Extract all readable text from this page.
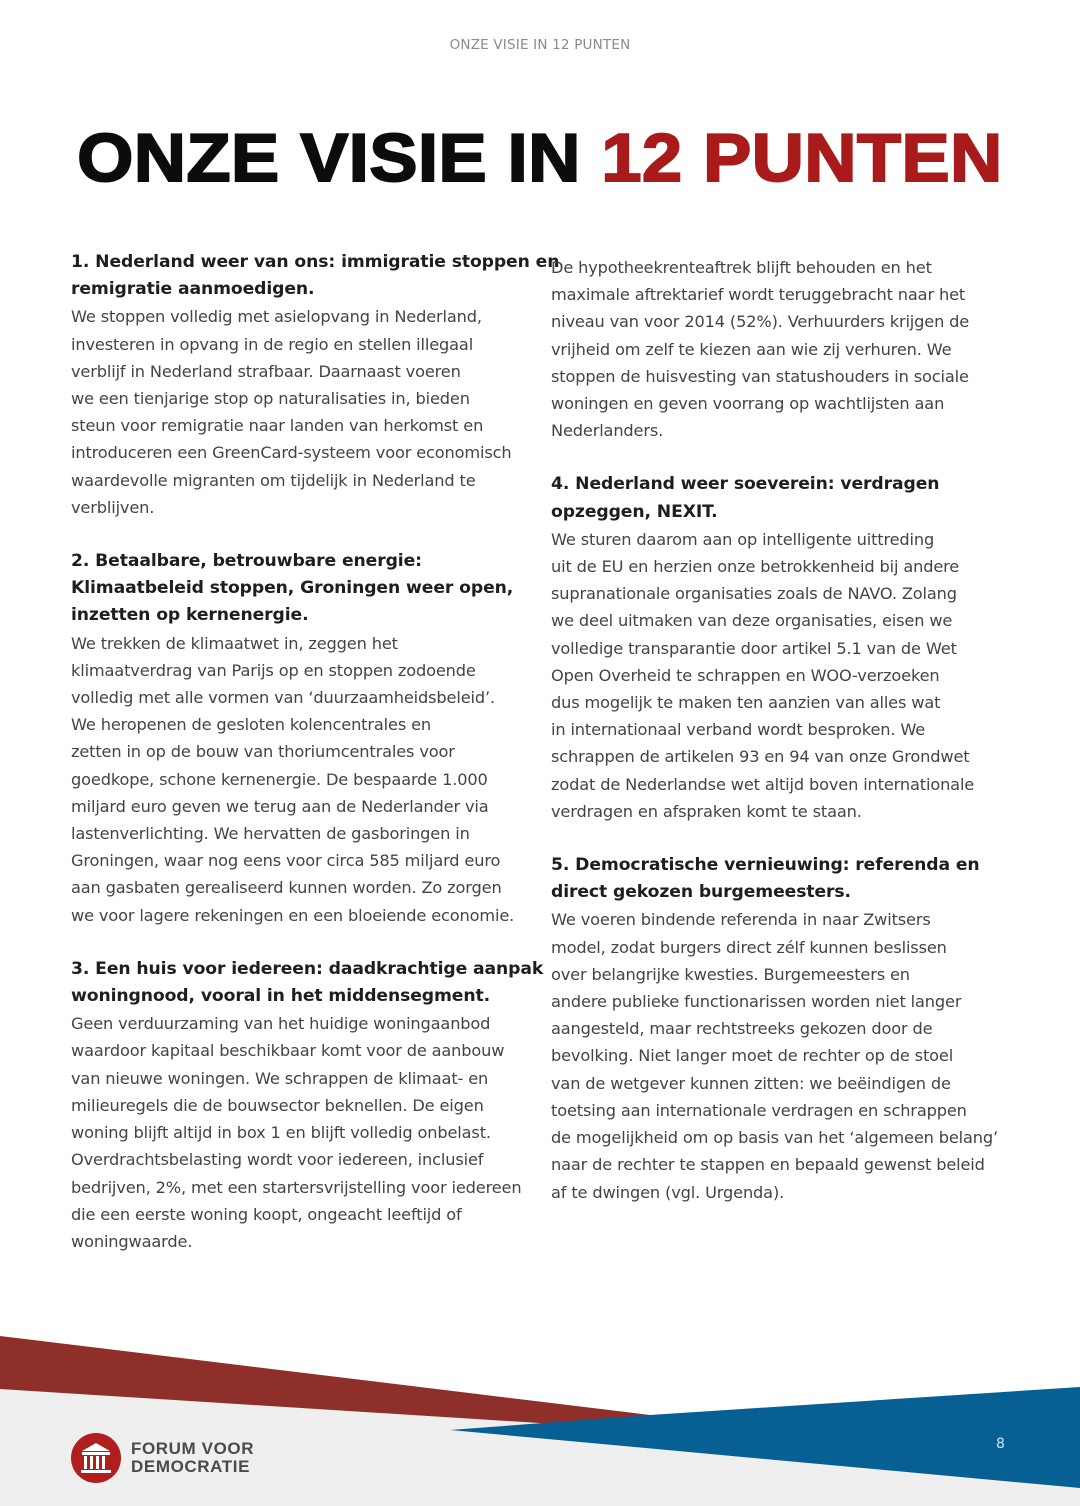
ONZE VISIE IN 12 PUNTEN
ONZE VISIE IN 12 PUNTEN
1. Nederland weer van ons: immigratie stoppen en
remigratie aanmoedigen.

We stoppen volledig met asielopvang in Nederland,
investeren in opvang in de regio en stellen illegaal
verblijf in Nederland strafbaar. Daarnaast voeren
we een tienjarige stop op naturalisaties in, bieden
steun voor remigratie naar landen van herkomst en
introduceren een GreenCard-systeem voor economisch
waardevolle migranten om tijdelijk in Nederland te
verblijven.

2. Betaalbare, betrouwbare energie:
Klimaatbeleid stoppen, Groningen weer open,
inzetten op kernenergie.

We trekken de klimaatwet in, zeggen het
klimaatverdrag van Parijs op en stoppen zodoende
volledig met alle vormen van ‘duurzaamheidsbeleid’.
We heropenen de gesloten kolencentrales en
zetten in op de bouw van thoriumcentrales voor
goedkope, schone kernenergie. De bespaarde 1.000
miljard euro geven we terug aan de Nederlander via
lastenverlichting. We hervatten de gasboringen in
Groningen, waar nog eens voor circa 585 miljard euro
aan gasbaten gerealiseerd kunnen worden. Zo zorgen
we voor lagere rekeningen en een bloeiende economie.

3. Een huis voor iedereen: daadkrachtige aanpak
woningnood, vooral in het middensegment.

Geen verduurzaming van het huidige woningaanbod
waardoor kapitaal beschikbaar komt voor de aanbouw
van nieuwe woningen. We schrappen de klimaat- en
milieuregels die de bouwsector beknellen. De eigen
woning blijft altijd in box 1 en blijft volledig onbelast.
Overdrachtsbelasting wordt voor iedereen, inclusief
bedrijven, 2%, met een startersvrijstelling voor iedereen
die een eerste woning koopt, ongeacht leeftijd of
woningwaarde.

De hypotheekrenteaftrek blijft behouden en het
maximale aftrektarief wordt teruggebracht naar het
niveau van voor 2014 (52%). Verhuurders krijgen de
vrijheid om zelf te kiezen aan wie zij verhuren. We
stoppen de huisvesting van statushouders in sociale
woningen en geven voorrang op wachtlijsten aan
Nederlanders.

4. Nederland weer soeverein: verdragen
opzeggen, NEXIT.

We sturen daarom aan op intelligente uittreding
uit de EU en herzien onze betrokkenheid bij andere
supranationale organisaties zoals de NAVO. Zolang
we deel uitmaken van deze organisaties, eisen we
volledige transparantie door artikel 5.1 van de Wet
Open Overheid te schrappen en WOO-verzoeken
dus mogelijk te maken ten aanzien van alles wat
in internationaal verband wordt besproken. We
schrappen de artikelen 93 en 94 van onze Grondwet
zodat de Nederlandse wet altijd boven internationale
verdragen en afspraken komt te staan.

5. Democratische vernieuwing: referenda en
direct gekozen burgemeesters.

We voeren bindende referenda in naar Zwitsers
model, zodat burgers direct zélf kunnen beslissen
over belangrijke kwesties. Burgemeesters en
andere publieke functionarissen worden niet langer
aangesteld, maar rechtstreeks gekozen door de
bevolking. Niet langer moet de rechter op de stoel
van de wetgever kunnen zitten: we beëindigen de
toetsing aan internationale verdragen en schrappen
de mogelijkheid om op basis van het ‘algemeen belang’
naar de rechter te stappen en bepaald gewenst beleid
af te dwingen (vgl. Urgenda).

FORUM VOOR
DEMOCRATIE
8
